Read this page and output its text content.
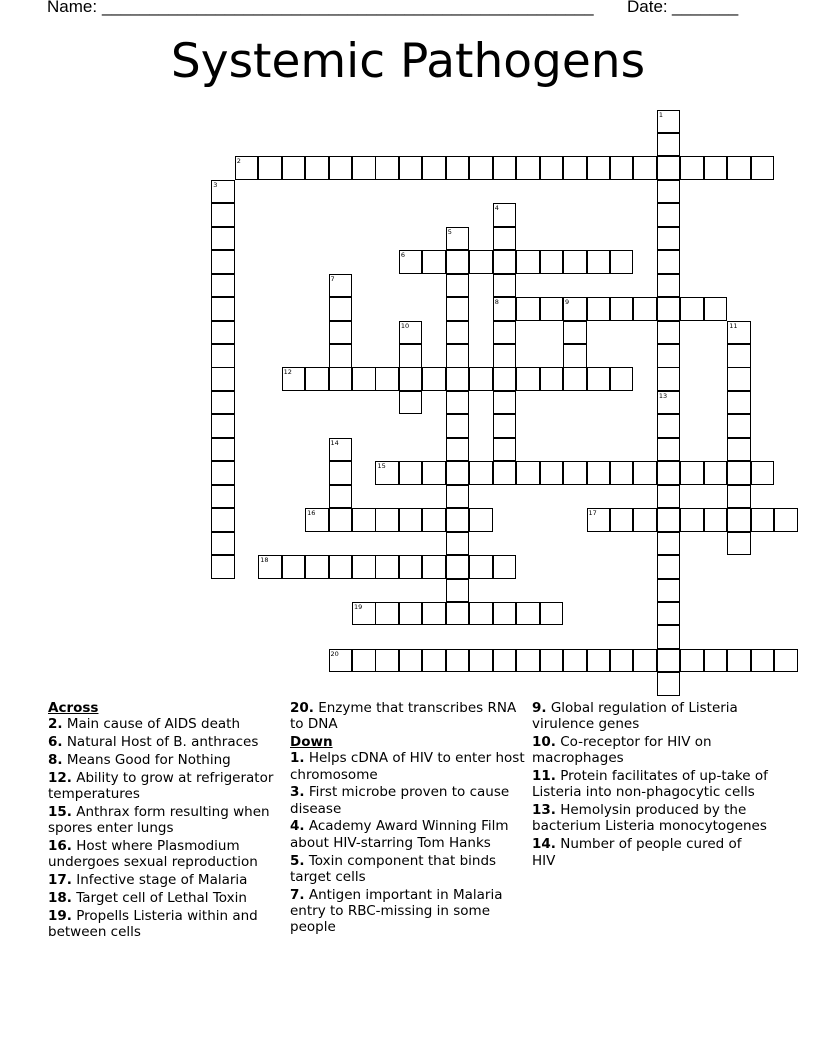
Name: ____________________________________________________ Date: _______
Systemic Pathogens
1
2
3
4
5
6
7
8	9
10	11
12
13
14
15
16	17
18
19
20
Across
2. Main cause of AIDS death
6. Natural Host of B. anthraces
8. Means Good for Nothing
12. Ability to grow at refrigerator temperatures
15. Anthrax form resulting when spores enter lungs
16. Host where Plasmodium undergoes sexual reproduction
17. Infective stage of Malaria
18. Target cell of Lethal Toxin
19. Propells Listeria within and between cells
20. Enzyme that transcribes RNA to DNA
Down
1. Helps cDNA of HIV to enter host chromosome
3. First microbe proven to cause disease
4. Academy Award Winning Film about HIV-starring Tom Hanks
5. Toxin component that binds target cells
7. Antigen important in Malaria entry to RBC-missing in some people
9. Global regulation of Listeria virulence genes
10. Co-receptor for HIV on macrophages
11. Protein facilitates of up-take of Listeria into non-phagocytic cells
13. Hemolysin produced by the bacterium Listeria monocytogenes
14. Number of people cured of HIV
